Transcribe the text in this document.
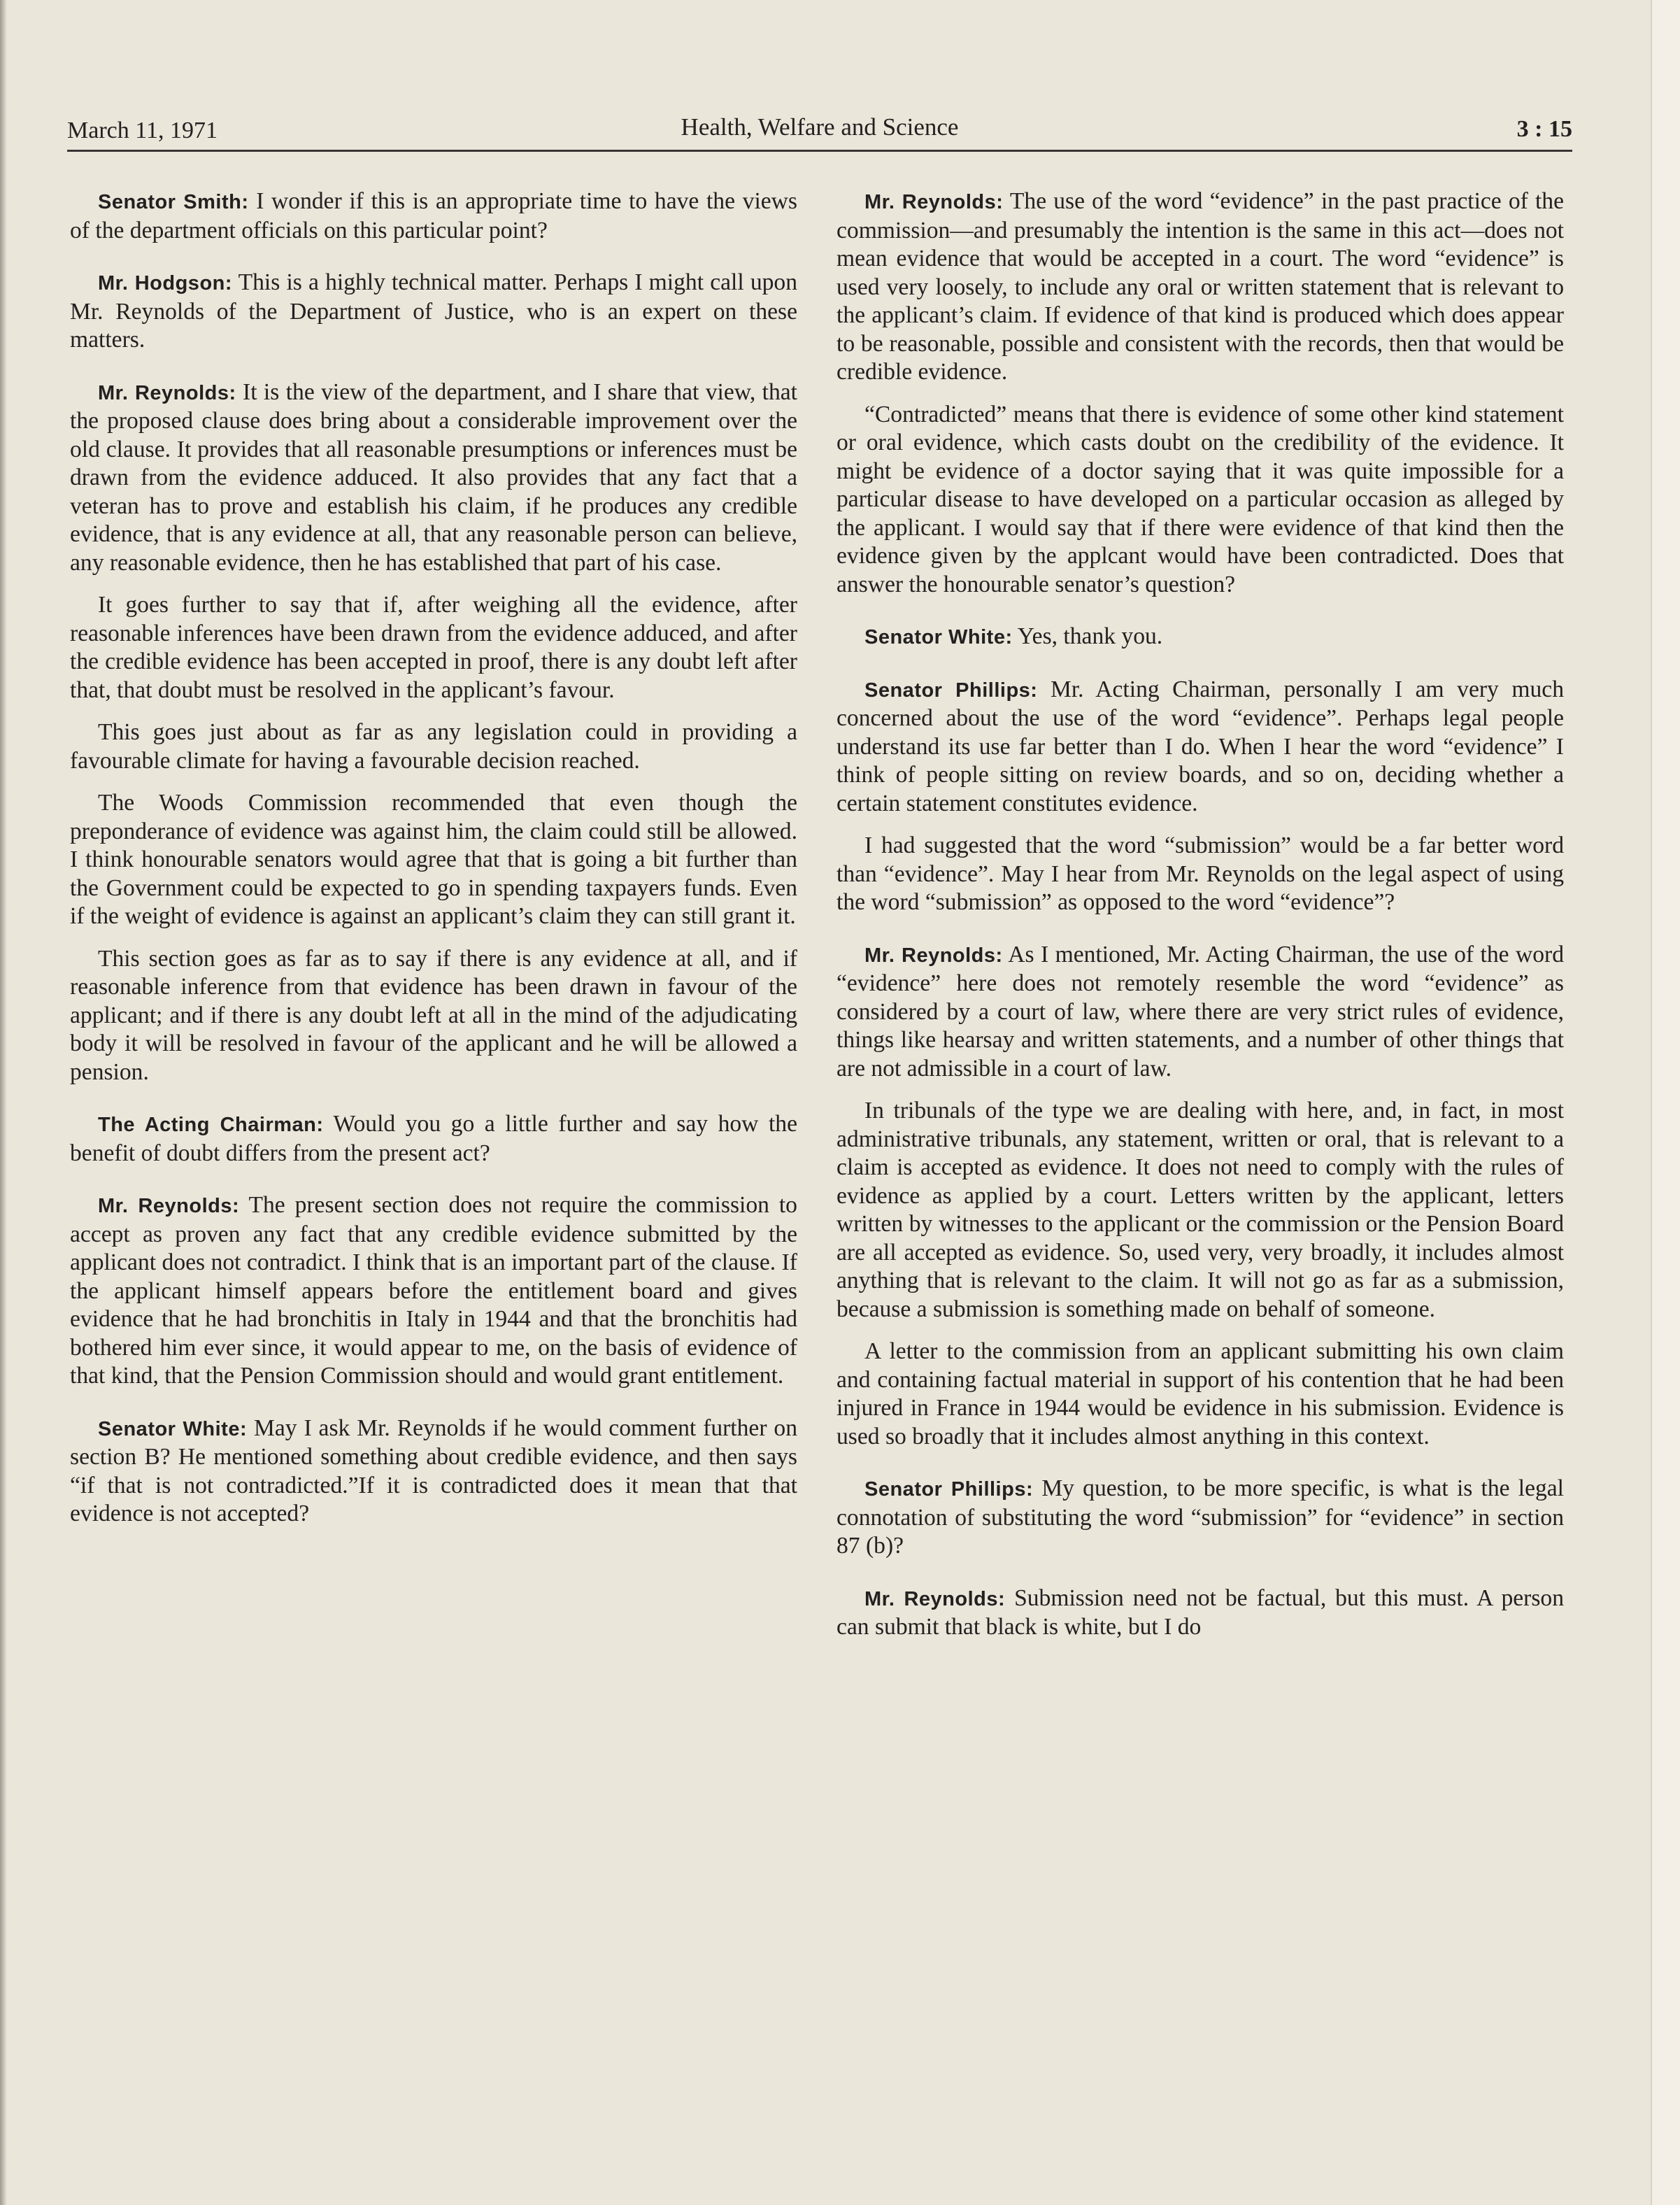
March 11, 1971	Health, Welfare and Science	3 : 15

Senator Smith: I wonder if this is an appropriate time to have the views of the department officials on this particular point?

Mr. Hodgson: This is a highly technical matter. Perhaps I might call upon Mr. Reynolds of the Department of Justice, who is an expert on these matters.

Mr. Reynolds: It is the view of the department, and I share that view, that the proposed clause does bring about a considerable improvement over the old clause. It provides that all reasonable presumptions or inferences must be drawn from the evidence adduced. It also provides that any fact that a veteran has to prove and establish his claim, if he produces any credible evidence, that is any evidence at all, that any reasonable person can believe, any reasonable evidence, then he has established that part of his case.

It goes further to say that if, after weighing all the evidence, after reasonable inferences have been drawn from the evidence adduced, and after the credible evidence has been accepted in proof, there is any doubt left after that, that doubt must be resolved in the applicant’s favour.

This goes just about as far as any legislation could in providing a favourable climate for having a favourable decision reached.

The Woods Commission recommended that even though the preponderance of evidence was against him, the claim could still be allowed. I think honourable senators would agree that that is going a bit further than the Government could be expected to go in spending taxpayers funds. Even if the weight of evidence is against an applicant’s claim they can still grant it.

This section goes as far as to say if there is any evidence at all, and if reasonable inference from that evidence has been drawn in favour of the applicant; and if there is any doubt left at all in the mind of the adjudicating body it will be resolved in favour of the applicant and he will be allowed a pension.

The Acting Chairman: Would you go a little further and say how the benefit of doubt differs from the present act?

Mr. Reynolds: The present section does not require the commission to accept as proven any fact that any credible evidence submitted by the applicant does not contradict. I think that is an important part of the clause. If the applicant himself appears before the entitlement board and gives evidence that he had bronchitis in Italy in 1944 and that the bronchitis had bothered him ever since, it would appear to me, on the basis of evidence of that kind, that the Pension Commission should and would grant entitlement.

Senator White: May I ask Mr. Reynolds if he would comment further on section B? He mentioned something about credible evidence, and then says “if that is not contradicted.”If it is contradicted does it mean that that evidence is not accepted?

Mr. Reynolds: The use of the word “evidence” in the past practice of the commission—and presumably the intention is the same in this act—does not mean evidence that would be accepted in a court. The word “evidence” is used very loosely, to include any oral or written statement that is relevant to the applicant’s claim. If evidence of that kind is produced which does appear to be reasonable, possible and consistent with the records, then that would be credible evidence.

“Contradicted” means that there is evidence of some other kind statement or oral evidence, which casts doubt on the credibility of the evidence. It might be evidence of a doctor saying that it was quite impossible for a particular disease to have developed on a particular occasion as alleged by the applicant. I would say that if there were evidence of that kind then the evidence given by the applcant would have been contradicted. Does that answer the honourable senator’s question?

Senator White: Yes, thank you.

Senator Phillips: Mr. Acting Chairman, personally I am very much concerned about the use of the word “evidence”. Perhaps legal people understand its use far better than I do. When I hear the word “evidence” I think of people sitting on review boards, and so on, deciding whether a certain statement constitutes evidence.

I had suggested that the word “submission” would be a far better word than “evidence”. May I hear from Mr. Reynolds on the legal aspect of using the word “submission” as opposed to the word “evidence”?

Mr. Reynolds: As I mentioned, Mr. Acting Chairman, the use of the word “evidence” here does not remotely resemble the word “evidence” as considered by a court of law, where there are very strict rules of evidence, things like hearsay and written statements, and a number of other things that are not admissible in a court of law.

In tribunals of the type we are dealing with here, and, in fact, in most administrative tribunals, any statement, written or oral, that is relevant to a claim is accepted as evidence. It does not need to comply with the rules of evidence as applied by a court. Letters written by the applicant, letters written by witnesses to the applicant or the commission or the Pension Board are all accepted as evidence. So, used very, very broadly, it includes almost anything that is relevant to the claim. It will not go as far as a submission, because a submission is something made on behalf of someone.

A letter to the commission from an applicant submitting his own claim and containing factual material in support of his contention that he had been injured in France in 1944 would be evidence in his submission. Evidence is used so broadly that it includes almost anything in this context.

Senator Phillips: My question, to be more specific, is what is the legal connotation of substituting the word “submission” for “evidence” in section 87 (b)?

Mr. Reynolds: Submission need not be factual, but this must. A person can submit that black is white, but I do
